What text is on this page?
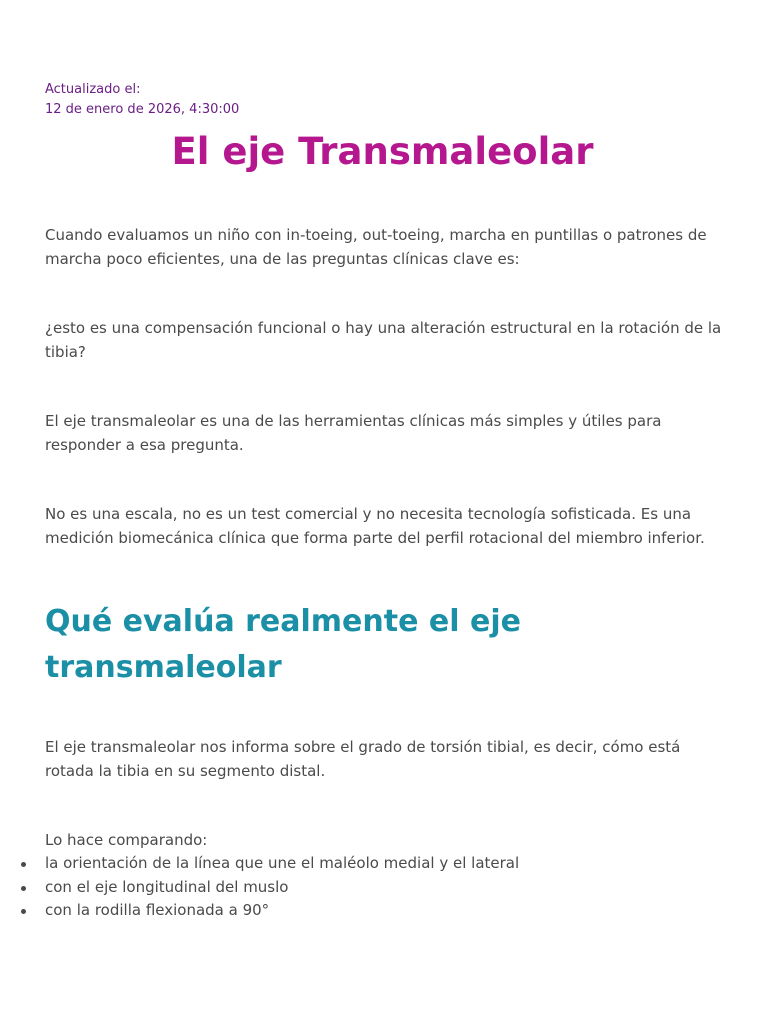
Actualizado el:
12 de enero de 2026, 4:30:00
El eje Transmaleolar

Cuando evaluamos un niño con in-toeing, out-toeing, marcha en puntillas o patrones de marcha poco eficientes, una de las preguntas clínicas clave es:

¿esto es una compensación funcional o hay una alteración estructural en la rotación de la tibia?

El eje transmaleolar es una de las herramientas clínicas más simples y útiles para responder a esa pregunta.

No es una escala, no es un test comercial y no necesita tecnología sofisticada. Es una medición biomecánica clínica que forma parte del perfil rotacional del miembro inferior.

Qué evalúa realmente el eje transmaleolar

El eje transmaleolar nos informa sobre el grado de torsión tibial, es decir, cómo está rotada la tibia en su segmento distal.

Lo hace comparando:

la orientación de la línea que une el maléolo medial y el lateral
con el eje longitudinal del muslo
con la rodilla flexionada a 90°
